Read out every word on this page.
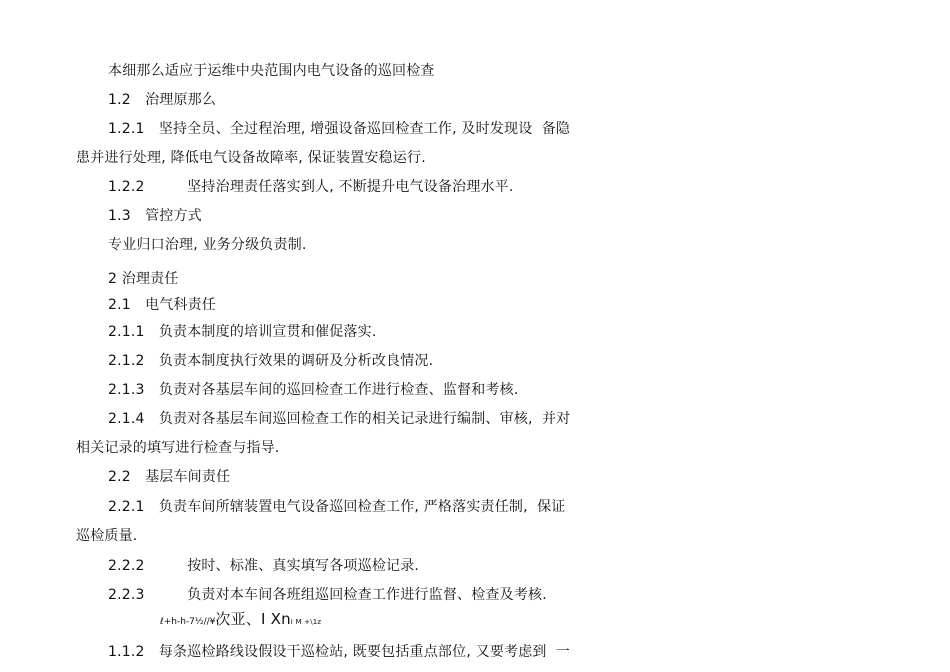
本细那么适应于运维中央范围内电气设备的巡回检查
1.2　治理原那么
1.2.1　坚持全员、全过程治理, 增强设备巡回检查工作, 及时发现设  备隐
患并进行处理, 降低电气设备故障率, 保证装置安稳运行.
1.2.2　　　坚持治理责任落实到人, 不断提升电气设备治理水平.
1.3　管控方式
专业归口治理, 业务分级负责制.
2 治理责任
2.1　电气科责任
2.1.1　负责本制度的培训宣贯和催促落实.
2.1.2　负责本制度执行效果的调研及分析改良情况.
2.1.3　负责对各基层车间的巡回检查工作进行检查、监督和考核.
2.1.4　负责对各基层车间巡回检查工作的相关记录进行编制、审核,  并对
相关记录的填写进行检查与指导.
2.2　基层车间责任
2.2.1　负责车间所辖装置电气设备巡回检查工作, 严格落实责任制,  保证
巡检质量.
2.2.2　　　按时、标准、真实填写各项巡检记录.
2.2.3　　　负责对本车间各班组巡回检查工作进行监督、检查及考核.
ℓ+h-h-7½//¥次亚、I XnI M +\1z
1.1.2　每条巡检路线设假设干巡检站, 既要包括重点部位, 又要考虑到  一
